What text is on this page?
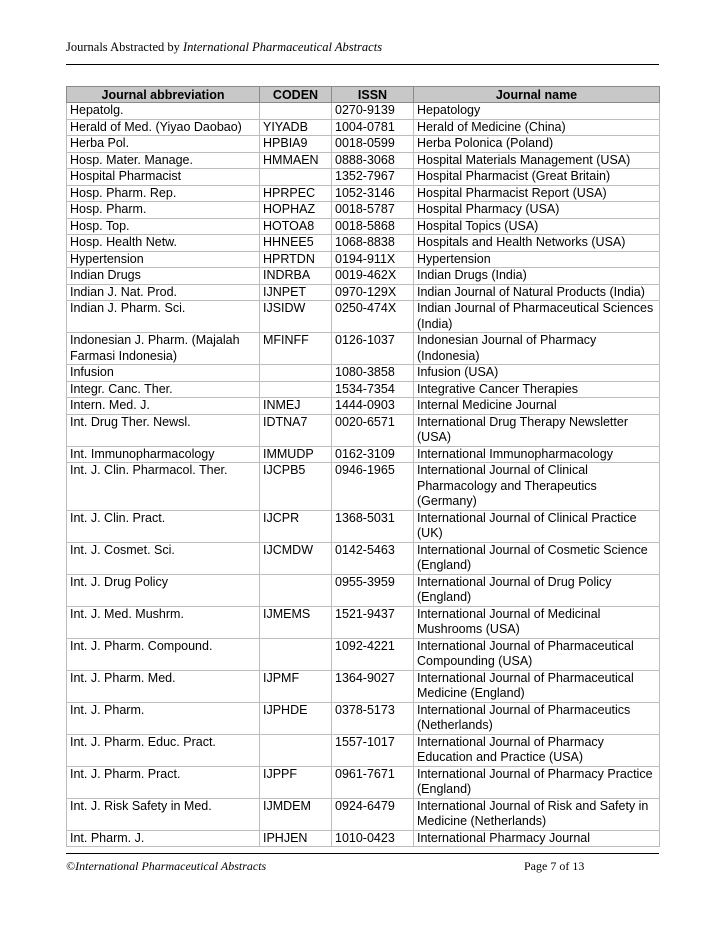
Journals Abstracted by International Pharmaceutical Abstracts
Journal abbreviation	CODEN	ISSN	Journal name
Hepatolg.		0270-9139	Hepatology
Herald of Med. (Yiyao Daobao)	YIYADB	1004-0781	Herald of Medicine (China)
Herba Pol.	HPBIA9	0018-0599	Herba Polonica (Poland)
Hosp. Mater. Manage.	HMMAEN	0888-3068	Hospital Materials Management (USA)
Hospital Pharmacist		1352-7967	Hospital Pharmacist (Great Britain)
Hosp. Pharm. Rep.	HPRPEC	1052-3146	Hospital Pharmacist Report (USA)
Hosp. Pharm.	HOPHAZ	0018-5787	Hospital Pharmacy (USA)
Hosp. Top.	HOTOA8	0018-5868	Hospital Topics (USA)
Hosp. Health Netw.	HHNEE5	1068-8838	Hospitals and Health Networks (USA)
Hypertension	HPRTDN	0194-911X	Hypertension
Indian Drugs	INDRBA	0019-462X	Indian Drugs (India)
Indian J. Nat. Prod.	IJNPET	0970-129X	Indian Journal of Natural Products (India)
Indian J. Pharm. Sci.	IJSIDW	0250-474X	Indian Journal of Pharmaceutical Sciences (India)
Indonesian J. Pharm. (Majalah Farmasi Indonesia)	MFINFF	0126-1037	Indonesian Journal of Pharmacy (Indonesia)
Infusion		1080-3858	Infusion (USA)
Integr. Canc. Ther.		1534-7354	Integrative Cancer Therapies
Intern. Med. J.	INMEJ	1444-0903	Internal Medicine Journal
Int. Drug Ther. Newsl.	IDTNA7	0020-6571	International Drug Therapy Newsletter (USA)
Int. Immunopharmacology	IMMUDP	0162-3109	International Immunopharmacology
Int. J. Clin. Pharmacol. Ther.	IJCPB5	0946-1965	International Journal of Clinical Pharmacology and Therapeutics (Germany)
Int. J. Clin. Pract.	IJCPR	1368-5031	International Journal of Clinical Practice (UK)
Int. J. Cosmet. Sci.	IJCMDW	0142-5463	International Journal of Cosmetic Science (England)
Int. J. Drug Policy		0955-3959	International Journal of Drug Policy (England)
Int. J. Med. Mushrm.	IJMEMS	1521-9437	International Journal of Medicinal Mushrooms (USA)
Int. J. Pharm. Compound.		1092-4221	International Journal of Pharmaceutical Compounding (USA)
Int. J. Pharm. Med.	IJPMF	1364-9027	International Journal of Pharmaceutical Medicine (England)
Int. J. Pharm.	IJPHDE	0378-5173	International Journal of Pharmaceutics (Netherlands)
Int. J. Pharm. Educ. Pract.		1557-1017	International Journal of Pharmacy Education and Practice (USA)
Int. J. Pharm. Pract.	IJPPF	0961-7671	International Journal of Pharmacy Practice (England)
Int. J. Risk Safety in Med.	IJMDEM	0924-6479	International Journal of Risk and Safety in Medicine (Netherlands)
Int. Pharm. J.	IPHJEN	1010-0423	International Pharmacy Journal
©International Pharmaceutical Abstracts	Page 7 of 13
